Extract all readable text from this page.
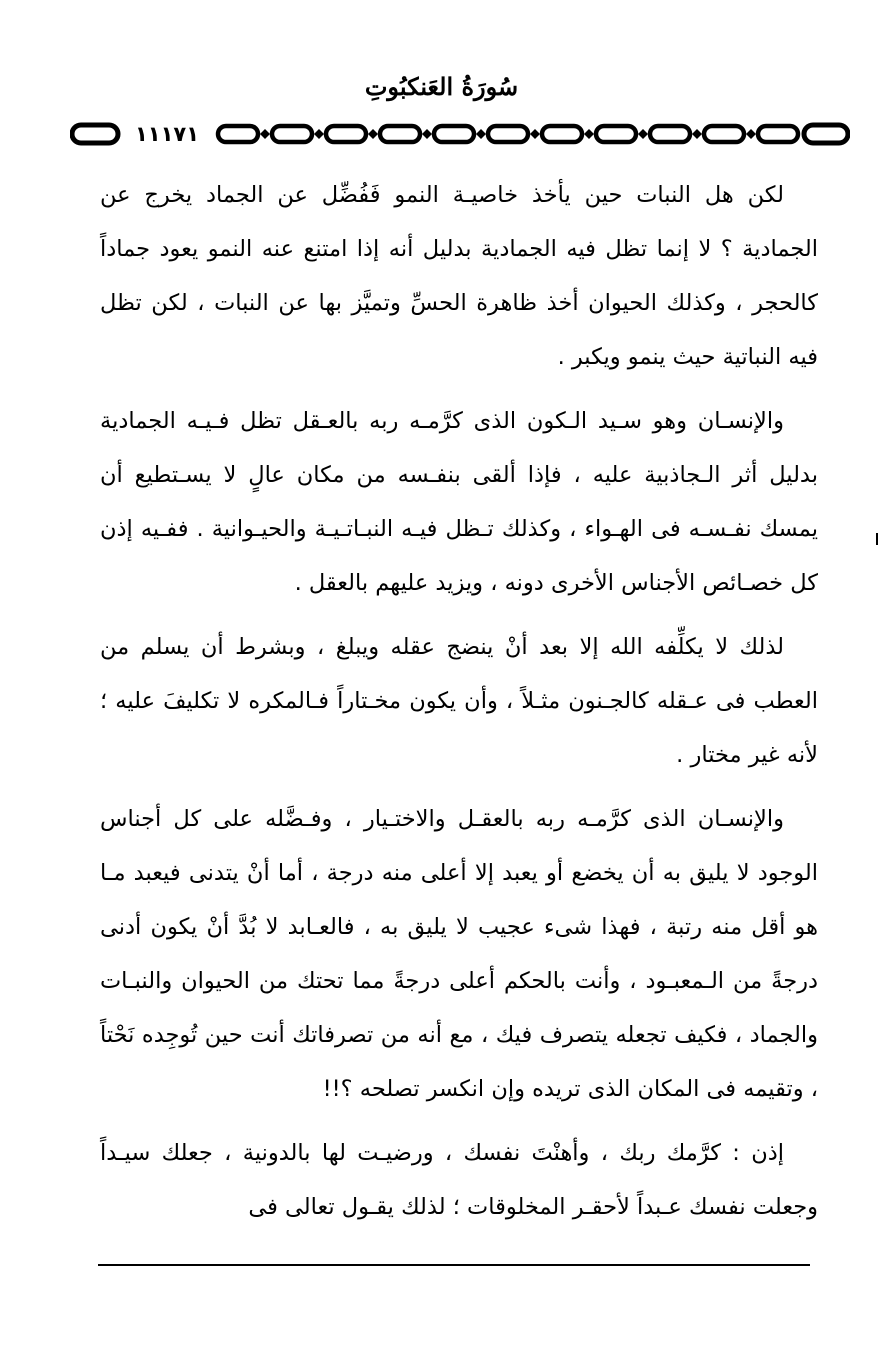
سُورَةُ العَنكبُوتِ
١١١٧١

لكن هل النبات حين يأخذ خاصيـة النمو فَفُضِّل عن الجماد يخرج عن الجمادية ؟ لا إنما تظل فيه الجمادية بدليل أنه إذا امتنع عنه النمو يعود جماداً كالحجر ، وكذلك الحيوان أخذ ظاهرة الحسِّ وتميَّز بها عن النبات ، لكن تظل فيه النباتية حيث ينمو ويكبر .

والإنسـان وهو سـيد الـكون الذى كرَّمـه ربه بالعـقل تظل فـيـه الجمادية بدليل أثر الـجاذبية عليه ، فإذا ألقى بنفـسه من مكان عالٍ لا يسـتطيع أن يمسك نفـسـه فى الهـواء ، وكذلك تـظل فيـه النبـاتـيـة والحيـوانية . ففـيه إذن كل خصـائص الأجناس الأخرى دونه ، ويزيد عليهم بالعقل .

لذلك لا يكلِّفه الله إلا بعد أنْ ينضج عقله ويبلغ ، وبشرط أن يسلم من العطب فى عـقله كالجـنون مثـلاً ، وأن يكون مخـتاراً فـالمكره لا تكليفَ عليه ؛ لأنه غير مختار .

والإنسـان الذى كرَّمـه ربه بالعقـل والاختـيار ، وفـضَّله على كل أجناس الوجود لا يليق به أن يخضع أو يعبد إلا أعلى منه درجة ، أما أنْ يتدنى فيعبد مـا هو أقل منه رتبة ، فهذا شىء عجيب لا يليق به ، فالعـابد لا بُدَّ أنْ يكون أدنى درجةً من الـمعبـود ، وأنت بالحكم أعلى درجةً مما تحتك من الحيوان والنبـات والجماد ، فكيف تجعله يتصرف فيك ، مع أنه من تصرفاتك أنت حين تُوجِده نَحْتاً ، وتقيمه فى المكان الذى تريده وإن انكسر تصلحه ؟!!

إذن : كرَّمك ربك ، وأهنْتَ نفسك ، ورضيـت لها بالدونية ، جعلك سيـداً وجعلت نفسك عـبداً لأحقـر المخلوقات ؛ لذلك يقـول تعالى فى
